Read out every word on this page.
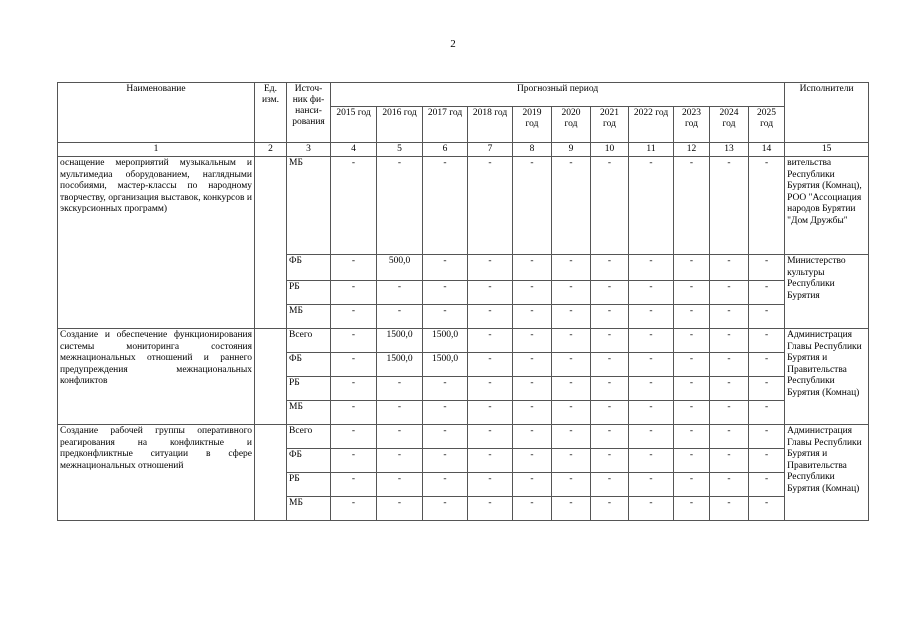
2
Наименование	Ед. изм.	Источ-ник фи-нанси-рования	Прогнозный период											Исполнители
			2015 год	2016 год	2017 год	2018 год	2019 год	2020 год	2021 год	2022 год	2023 год	2024 год	2025 год	
1	2	3	4	5	6	7	8	9	10	11	12	13	14	15
оснащение мероприятий музыкальным и мультимедиа оборудованием, наглядными пособиями, мастер-классы по народному творчеству, организация выставок, конкурсов и экскурсионных программ)		МБ	-	-	-	-	-	-	-	-	-	-	-	вительства Республики Бурятия (Комнац), РОО "Ассоциация народов Бурятии "Дом Дружбы"
		ФБ	-	500,0	-	-	-	-	-	-	-	-	-	Министерство культуры Республики Бурятия
		РБ	-	-	-	-	-	-	-	-	-	-	-	
		МБ	-	-	-	-	-	-	-	-	-	-	-	
Создание и обеспечение функционирования системы мониторинга состояния межнациональных отношений и раннего предупреждения межнациональных конфликтов		Всего	-	1500,0	1500,0	-	-	-	-	-	-	-	-	Администрация Главы Республики Бурятия и Правительства Республики Бурятия (Комнац)
		ФБ	-	1500,0	1500,0	-	-	-	-	-	-	-	-	
		РБ	-	-	-	-	-	-	-	-	-	-	-	
		МБ	-	-	-	-	-	-	-	-	-	-	-	
Создание рабочей группы оперативного реагирования на конфликтные и предконфликтные ситуации в сфере межнациональных отношений		Всего	-	-	-	-	-	-	-	-	-	-	-	Администрация Главы Республики Бурятия и Правительства Республики Бурятия (Комнац)
		ФБ	-	-	-	-	-	-	-	-	-	-	-	
		РБ	-	-	-	-	-	-	-	-	-	-	-	
		МБ	-	-	-	-	-	-	-	-	-	-	-	
